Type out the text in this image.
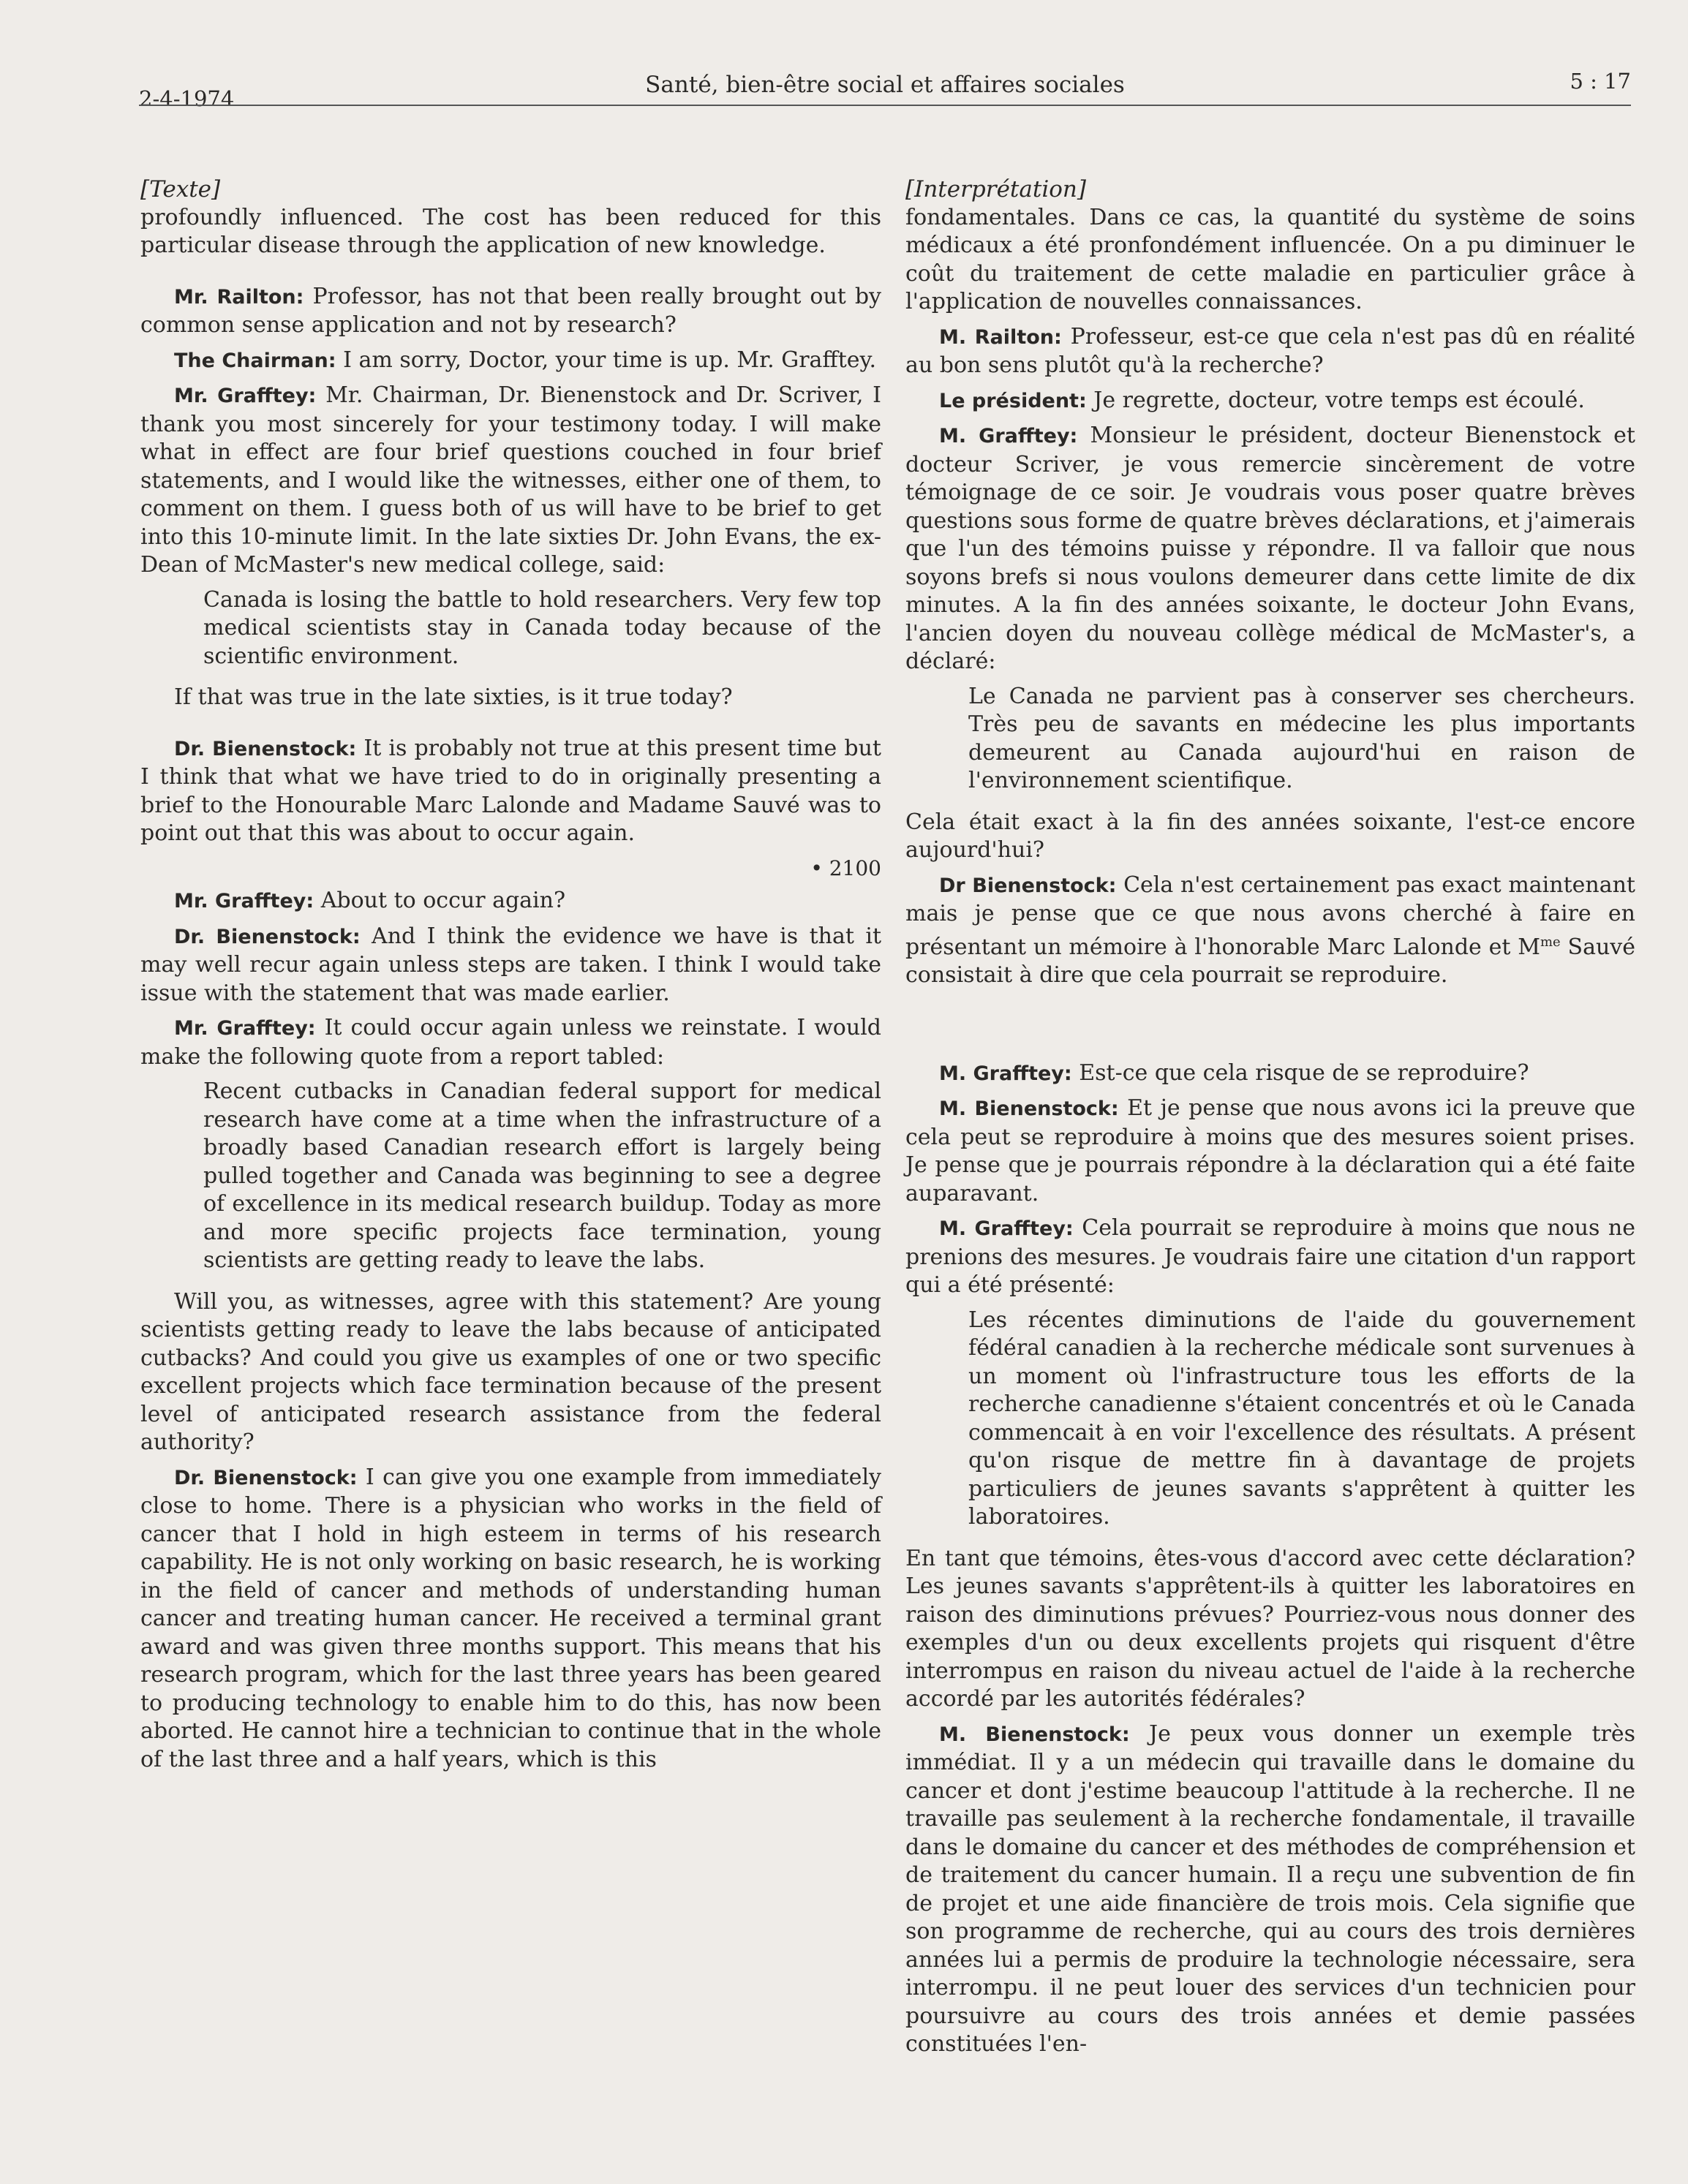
2-4-1974
Santé, bien-être social et affaires sociales	5 : 17

[Texte]

profoundly influenced. The cost has been reduced for this particular disease through the application of new knowledge.

Mr. Railton: Professor, has not that been really brought out by common sense application and not by research?

The Chairman: I am sorry, Doctor, your time is up. Mr. Grafftey.

Mr. Grafftey: Mr. Chairman, Dr. Bienenstock and Dr. Scriver, I thank you most sincerely for your testimony today. I will make what in effect are four brief questions couched in four brief statements, and I would like the witnesses, either one of them, to comment on them. I guess both of us will have to be brief to get into this 10-minute limit. In the late sixties Dr. John Evans, the ex-Dean of McMaster's new medical college, said:

Canada is losing the battle to hold researchers. Very few top medical scientists stay in Canada today because of the scientific environment.

If that was true in the late sixties, is it true today?

Dr. Bienenstock: It is probably not true at this present time but I think that what we have tried to do in originally presenting a brief to the Honourable Marc Lalonde and Madame Sauvé was to point out that this was about to occur again.

• 2100

Mr. Grafftey: About to occur again?

Dr. Bienenstock: And I think the evidence we have is that it may well recur again unless steps are taken. I think I would take issue with the statement that was made earlier.

Mr. Grafftey: It could occur again unless we reinstate. I would make the following quote from a report tabled:

Recent cutbacks in Canadian federal support for medical research have come at a time when the infrastructure of a broadly based Canadian research effort is largely being pulled together and Canada was beginning to see a degree of excellence in its medical research buildup. Today as more and more specific projects face termination, young scientists are getting ready to leave the labs.

Will you, as witnesses, agree with this statement? Are young scientists getting ready to leave the labs because of anticipated cutbacks? And could you give us examples of one or two specific excellent projects which face termination because of the present level of anticipated research assistance from the federal authority?

Dr. Bienenstock: I can give you one example from immediately close to home. There is a physician who works in the field of cancer that I hold in high esteem in terms of his research capability. He is not only working on basic research, he is working in the field of cancer and methods of understanding human cancer and treating human cancer. He received a terminal grant award and was given three months support. This means that his research program, which for the last three years has been geared to producing technology to enable him to do this, has now been aborted. He cannot hire a technician to continue that in the whole of the last three and a half years, which is this

[Interprétation]

fondamentales. Dans ce cas, la quantité du système de soins médicaux a été pronfondément influencée. On a pu diminuer le coût du traitement de cette maladie en particulier grâce à l'application de nouvelles connaissances.

M. Railton: Professeur, est-ce que cela n'est pas dû en réalité au bon sens plutôt qu'à la recherche?

Le président: Je regrette, docteur, votre temps est écoulé.

M. Grafftey: Monsieur le président, docteur Bienenstock et docteur Scriver, je vous remercie sincèrement de votre témoignage de ce soir. Je voudrais vous poser quatre brèves questions sous forme de quatre brèves déclarations, et j'aimerais que l'un des témoins puisse y répondre. Il va falloir que nous soyons brefs si nous voulons demeurer dans cette limite de dix minutes. A la fin des années soixante, le docteur John Evans, l'ancien doyen du nouveau collège médical de McMaster's, a déclaré:

Le Canada ne parvient pas à conserver ses chercheurs. Très peu de savants en médecine les plus importants demeurent au Canada aujourd'hui en raison de l'environnement scientifique.

Cela était exact à la fin des années soixante, l'est-ce encore aujourd'hui?

Dr Bienenstock: Cela n'est certainement pas exact maintenant mais je pense que ce que nous avons cherché à faire en présentant un mémoire à l'honorable Marc Lalonde et $M^{me}$ Sauvé consistait à dire que cela pourrait se reproduire.

M. Grafftey: Est-ce que cela risque de se reproduire?

M. Bienenstock: Et je pense que nous avons ici la preuve que cela peut se reproduire à moins que des mesures soient prises. Je pense que je pourrais répondre à la déclaration qui a été faite auparavant.

M. Grafftey: Cela pourrait se reproduire à moins que nous ne prenions des mesures. Je voudrais faire une citation d'un rapport qui a été présenté:

Les récentes diminutions de l'aide du gouvernement fédéral canadien à la recherche médicale sont survenues à un moment où l'infrastructure tous les efforts de la recherche canadienne s'étaient concentrés et où le Canada commencait à en voir l'excellence des résultats. A présent qu'on risque de mettre fin à davantage de projets particuliers de jeunes savants s'apprêtent à quitter les laboratoires.

En tant que témoins, êtes-vous d'accord avec cette déclaration? Les jeunes savants s'apprêtent-ils à quitter les laboratoires en raison des diminutions prévues? Pourriez-vous nous donner des exemples d'un ou deux excellents projets qui risquent d'être interrompus en raison du niveau actuel de l'aide à la recherche accordé par les autorités fédérales?

M. Bienenstock: Je peux vous donner un exemple très immédiat. Il y a un médecin qui travaille dans le domaine du cancer et dont j'estime beaucoup l'attitude à la recherche. Il ne travaille pas seulement à la recherche fondamentale, il travaille dans le domaine du cancer et des méthodes de compréhension et de traitement du cancer humain. Il a reçu une subvention de fin de projet et une aide financière de trois mois. Cela signifie que son programme de recherche, qui au cours des trois dernières années lui a permis de produire la technologie nécessaire, sera interrompu. il ne peut louer des services d'un technicien pour poursuivre au cours des trois années et demie passées constituées l'en-
